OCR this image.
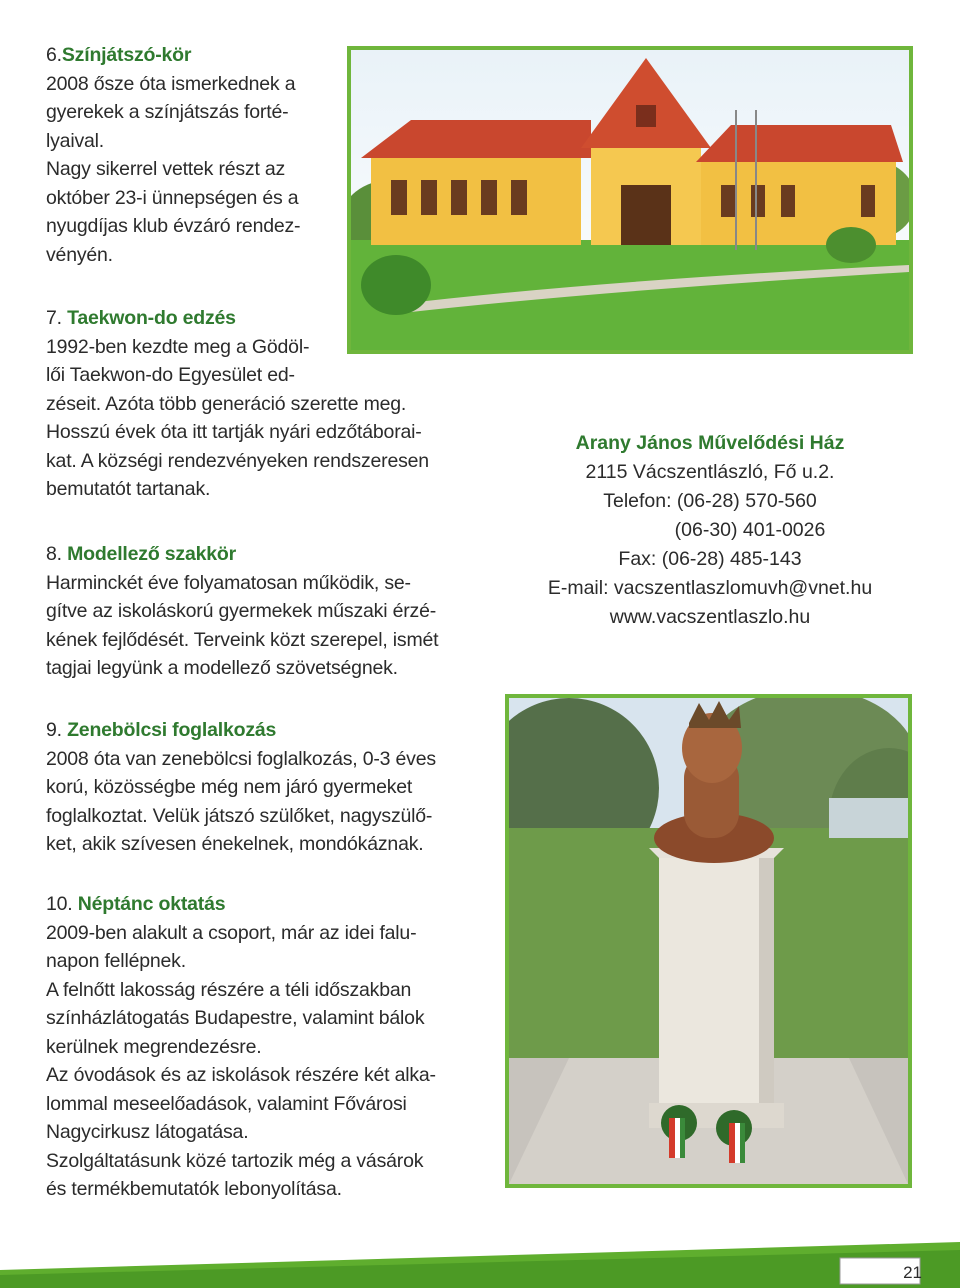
6.Színjátszó-kör

2008 ősze óta ismerkednek a

gyerekek a színjátszás forté-

lyaival.

Nagy sikerrel vettek részt az

október 23-i ünnepségen és a

nyugdíjas klub évzáró rendez-

vényén.

7. Taekwon-do edzés

1992-ben kezdte meg a Gödöl-

lői Taekwon-do Egyesület ed-

zéseit. Azóta több generáció szerette meg.

Hosszú évek óta itt tartják nyári edzőtáborai-

kat. A községi rendezvényeken rendszeresen

bemutatót tartanak.

8. Modellező szakkör

Harminckét éve folyamatosan működik, se-

gítve az iskoláskorú gyermekek műszaki érzé-

kének fejlődését. Terveink közt szerepel, ismét

tagjai legyünk a modellező szövetségnek.

9. Zenebölcsi foglalkozás

2008 óta van zenebölcsi foglalkozás, 0-3 éves

korú, közösségbe még nem járó gyermeket

foglalkoztat. Velük játszó szülőket, nagyszülő-

ket, akik szívesen énekelnek, mondókáznak.

10. Néptánc oktatás

2009-ben alakult a csoport, már az idei falu-

napon fellépnek.

A felnőtt lakosság részére a téli időszakban

színházlátogatás Budapestre, valamint bálok

kerülnek megrendezésre.

Az óvodások és az iskolások részére két alka-

lommal meseelőadások, valamint Fővárosi

Nagycirkusz látogatása.

Szolgáltatásunk közé tartozik még a vásárok

és termékbemutatók lebonyolítása.

Arany János Művelődési Ház
2115 Vácszentlászló, Fő u.2.
Telefon: (06-28) 570-560
(06-30) 401-0026
Fax: (06-28) 485-143
E-mail: vacszentlaszlomuvh@vnet.hu
www.vacszentlaszlo.hu
21
